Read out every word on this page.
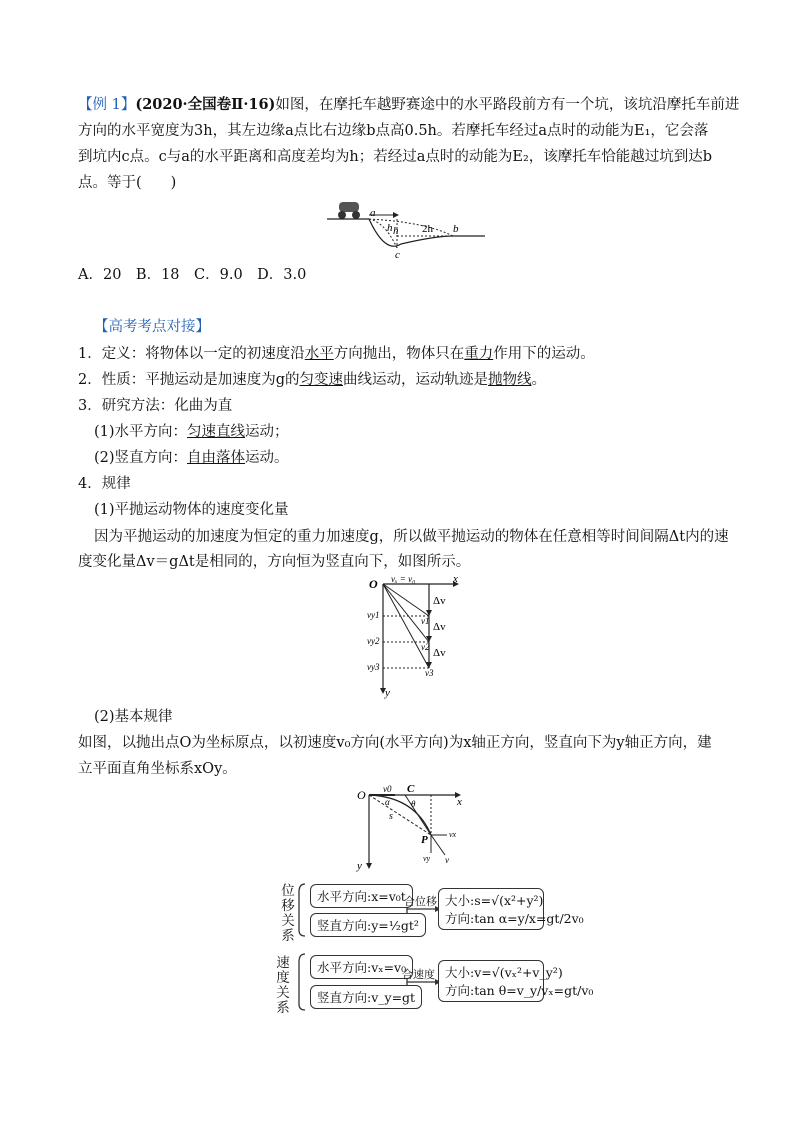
【例 1】(2020·全国卷Ⅱ·16)如图，在摩托车越野赛途中的水平路段前方有一个坑，该坑沿摩托车前进
方向的水平宽度为3h，其左边缘a点比右边缘b点高0.5h。若摩托车经过a点时的动能为E₁，它会落
到坑内c点。c与a的水平距离和高度差均为h；若经过a点时的动能为E₂，该摩托车恰能越过坑到达b
点。等于(　　)
a
h h 2h b
c
A．20　B．18　C．9.0　D．3.0
【高考考点对接】
1．定义：将物体以一定的初速度沿水平方向抛出，物体只在重力作用下的运动。
2．性质：平抛运动是加速度为g的匀变速曲线运动，运动轨迹是抛物线。
3．研究方法：化曲为直
(1)水平方向：匀速直线运动；
(2)竖直方向：自由落体运动。
4．规律
(1)平抛运动物体的速度变化量
因为平抛运动的加速度为恒定的重力加速度g，所以做平抛运动的物体在任意相等时间间隔Δt内的速
度变化量Δv＝gΔt是相同的，方向恒为竖直向下，如图所示。
O vₓ = v₀	x
vy1
vy2
vy3
Δv
Δv
Δv
v1
v2
v3
y
(2)基本规律
如图，以抛出点O为坐标原点，以初速度v₀方向(水平方向)为x轴正方向，竖直向下为y轴正方向，建
立平面直角坐标系xOy。
O v0 C
x
α θ
s
P	vx
vy v
y
位移关系
水平方向:x=v₀t
竖直方向:y=½gt²
合位移 大小:s=√(x²+y²)
方向:tan α=y/x=gt/2v₀
速度关系
水平方向:vₓ=v₀
竖直方向:v_y=gt
合速度 大小:v=√(vₓ²+v_y²)
方向:tan θ=v_y/vₓ=gt/v₀
